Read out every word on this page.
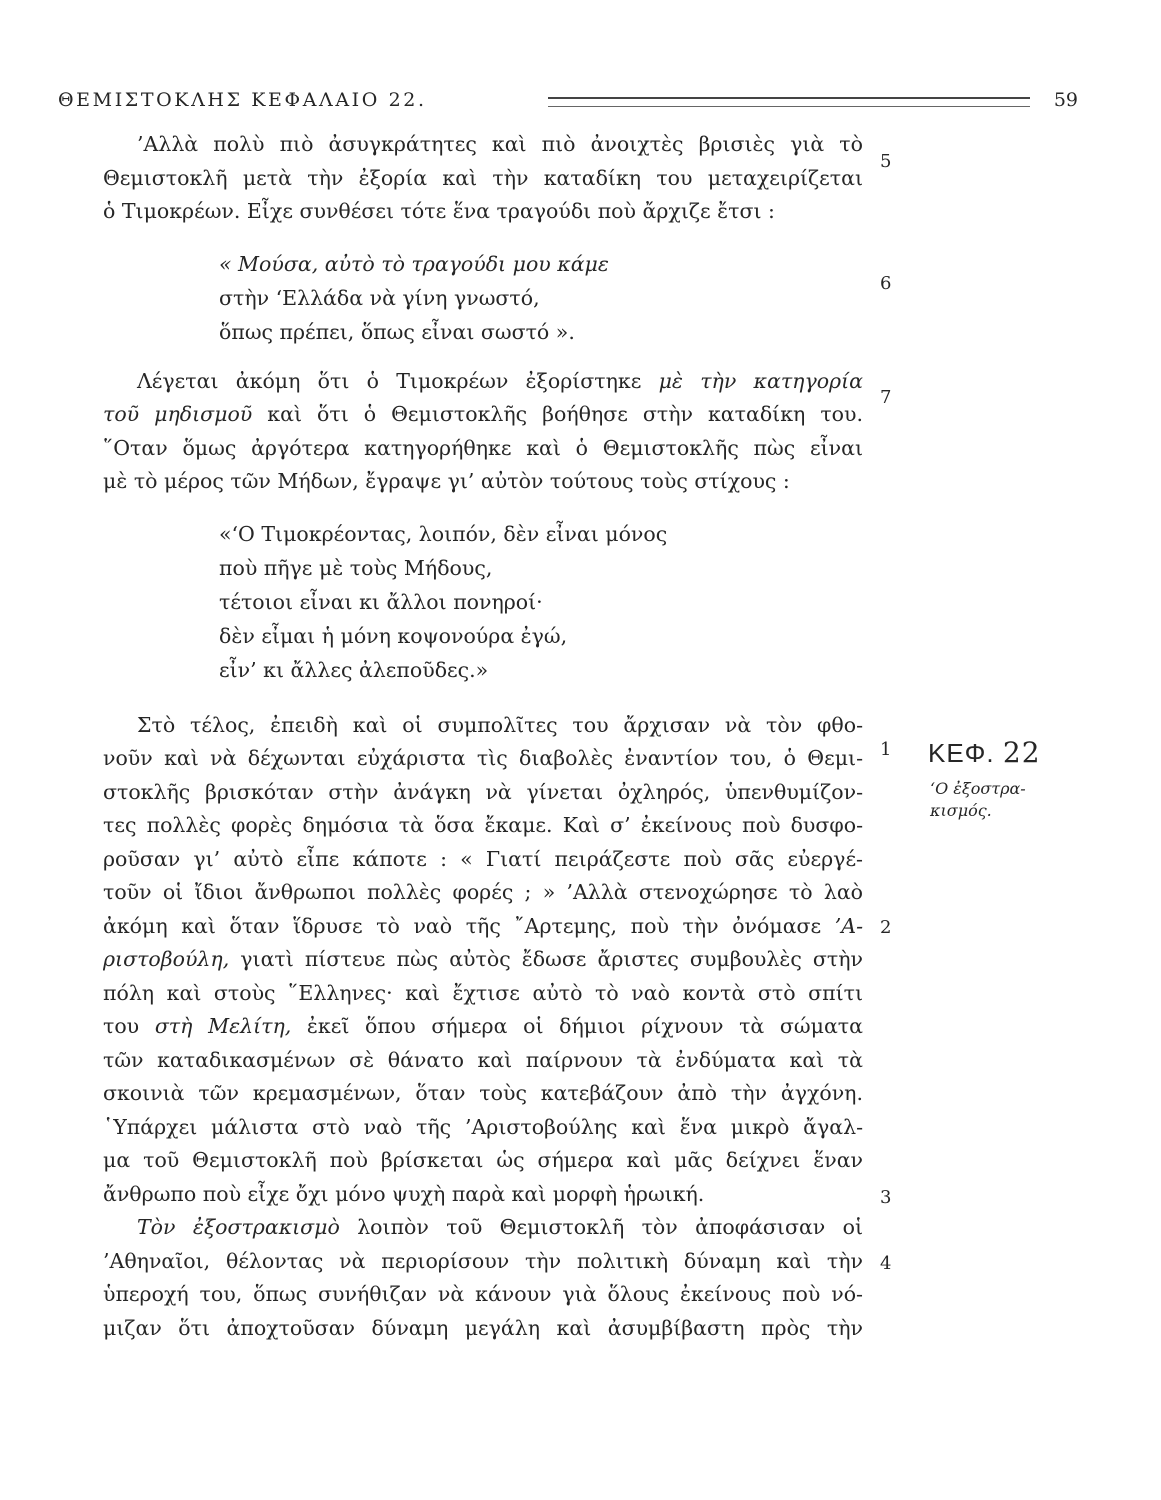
ΘΕΜΙΣΤΟΚΛΗΣ ΚΕΦΑΛΑΙΟ 22.	59
’Αλλὰ πολὺ πιὸ ἀσυγκράτητες καὶ πιὸ ἀνοιχτὲς βρισιὲς γιὰ τὸ
Θεμιστοκλῆ μετὰ τὴν ἐξορία καὶ τὴν καταδίκη του μεταχειρίζεται
ὁ Τιμοκρέων. Εἶχε συνθέσει τότε ἕνα τραγούδι ποὺ ἄρχιζε ἔτσι :
« Μούσα, αὐτὸ τὸ τραγούδι μου κάμε
στὴν ‘Ελλάδα νὰ γίνη γνωστό,
ὅπως πρέπει, ὅπως εἶναι σωστό ».
Λέγεται ἀκόμη ὅτι ὁ Τιμοκρέων ἐξορίστηκε μὲ τὴν κατηγορία
τοῦ μηδισμοῦ καὶ ὅτι ὁ Θεμιστοκλῆς βοήθησε στὴν καταδίκη του.
῞Οταν ὅμως ἀργότερα κατηγορήθηκε καὶ ὁ Θεμιστοκλῆς πὼς εἶναι
μὲ τὸ μέρος τῶν Μήδων, ἔγραψε γι’ αὐτὸν τούτους τοὺς στίχους :
«‘Ο Τιμοκρέοντας, λοιπόν, δὲν εἶναι μόνος
ποὺ πῆγε μὲ τοὺς Μήδους,
τέτοιοι εἶναι κι ἄλλοι πονηροί·
δὲν εἶμαι ἡ μόνη κοψονούρα ἐγώ,
εἶν’ κι ἄλλες ἀλεποῦδες.»
Στὸ τέλος, ἐπειδὴ καὶ οἱ συμπολῖτες του ἄρχισαν νὰ τὸν φθο-
νοῦν καὶ νὰ δέχωνται εὐχάριστα τὶς διαβολὲς ἐναντίον του, ὁ Θεμι-
στοκλῆς βρισκόταν στὴν ἀνάγκη νὰ γίνεται ὀχληρός, ὑπενθυμίζον-
τες πολλὲς φορὲς δημόσια τὰ ὅσα ἔκαμε. Καὶ σ’ ἐκείνους ποὺ δυσφο-
ροῦσαν γι’ αὐτὸ εἶπε κάποτε : « Γιατί πειράζεστε ποὺ σᾶς εὐεργέ-
τοῦν οἱ ἴδιοι ἄνθρωποι πολλὲς φορές ; » ’Αλλὰ στενοχώρησε τὸ λαὸ
ἀκόμη καὶ ὅταν ἵδρυσε τὸ ναὸ τῆς ῎Αρτεμης, ποὺ τὴν ὀνόμασε ’Α-
ριστοβούλη, γιατὶ πίστευε πὼς αὐτὸς ἔδωσε ἄριστες συμβουλὲς στὴν
πόλη καὶ στοὺς ῞Ελληνες· καὶ ἔχτισε αὐτὸ τὸ ναὸ κοντὰ στὸ σπίτι
του στὴ Μελίτη, ἐκεῖ ὅπου σήμερα οἱ δήμιοι ρίχνουν τὰ σώματα
τῶν καταδικασμένων σὲ θάνατο καὶ παίρνουν τὰ ἐνδύματα καὶ τὰ
σκοινιὰ τῶν κρεμασμένων, ὅταν τοὺς κατεβάζουν ἀπὸ τὴν ἀγχόνη.
῾Υπάρχει μάλιστα στὸ ναὸ τῆς ’Αριστοβούλης καὶ ἕνα μικρὸ ἄγαλ-
μα τοῦ Θεμιστοκλῆ ποὺ βρίσκεται ὡς σήμερα καὶ μᾶς δείχνει ἕναν
ἄνθρωπο ποὺ εἶχε ὄχι μόνο ψυχὴ παρὰ καὶ μορφὴ ἡρωική.
Τὸν ἐξοστρακισμὸ λοιπὸν τοῦ Θεμιστοκλῆ τὸν ἀποφάσισαν οἱ
’Αθηναῖοι, θέλοντας νὰ περιορίσουν τὴν πολιτικὴ δύναμη καὶ τὴν
ὑπεροχή του, ὅπως συνήθιζαν νὰ κάνουν γιὰ ὅλους ἐκείνους ποὺ νό-
μιζαν ὅτι ἀποχτοῦσαν δύναμη μεγάλη καὶ ἀσυμβίβαστη πρὸς τὴν
5
6
7
1
2
3
4
ΚΕΦ. 22
‘Ο ἐξοστρα-
κισμός.
